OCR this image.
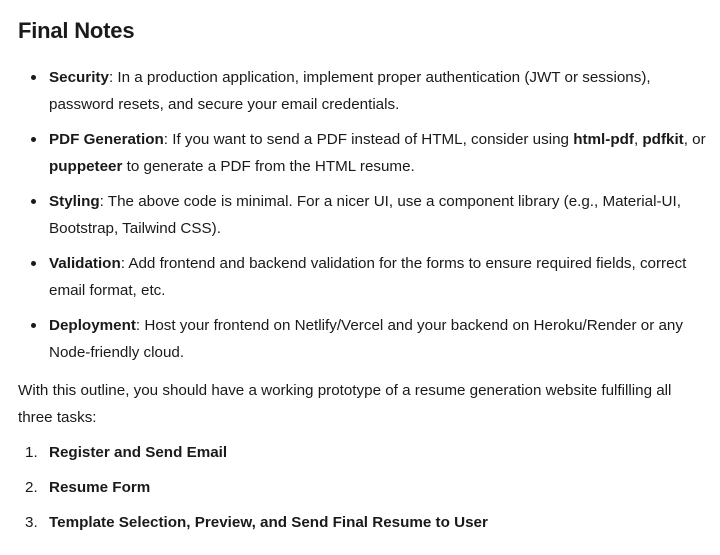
Final Notes
Security: In a production application, implement proper authentication (JWT or sessions), password resets, and secure your email credentials.
PDF Generation: If you want to send a PDF instead of HTML, consider using html-pdf, pdfkit, or puppeteer to generate a PDF from the HTML resume.
Styling: The above code is minimal. For a nicer UI, use a component library (e.g., Material-UI, Bootstrap, Tailwind CSS).
Validation: Add frontend and backend validation for the forms to ensure required fields, correct email format, etc.
Deployment: Host your frontend on Netlify/Vercel and your backend on Heroku/Render or any Node-friendly cloud.

With this outline, you should have a working prototype of a resume generation website fulfilling all three tasks:

1. Register and Send Email
2. Resume Form
3. Template Selection, Preview, and Send Final Resume to User
